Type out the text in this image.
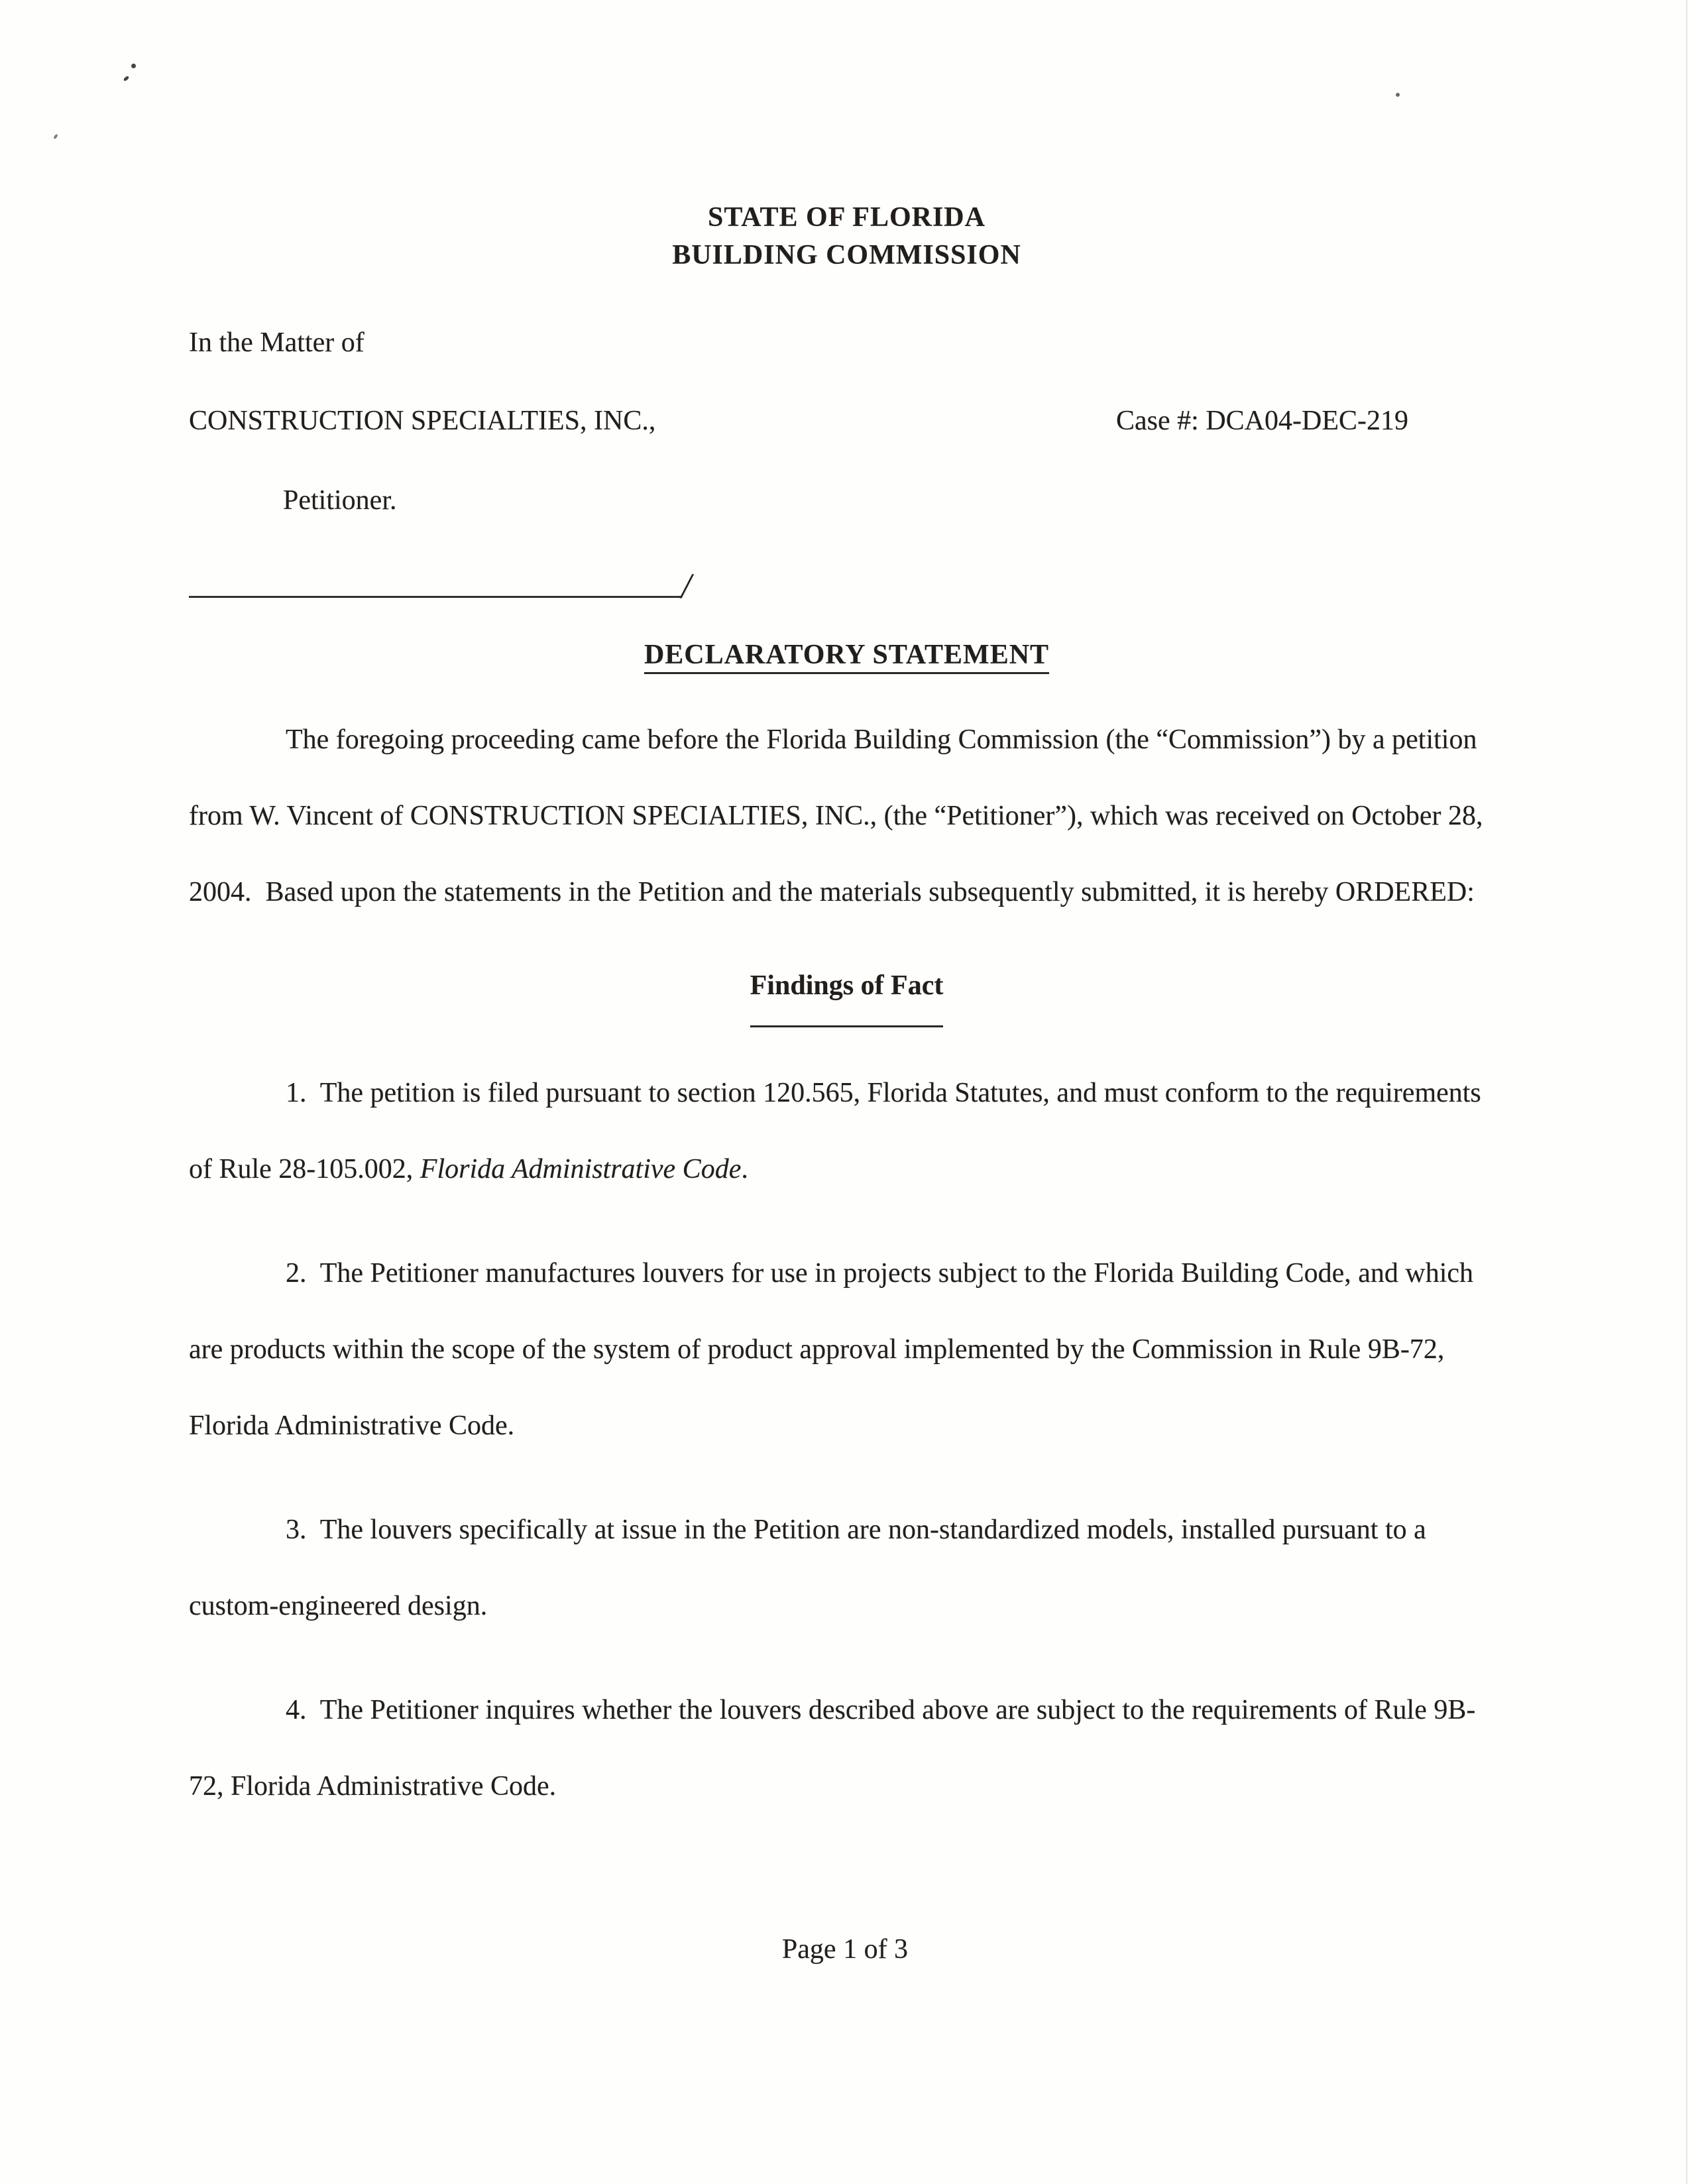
STATE OF FLORIDA
BUILDING COMMISSION
In the Matter of
CONSTRUCTION SPECIALTIES, INC.,	Case #: DCA04-DEC-219
Petitioner.
/
DECLARATORY STATEMENT

The foregoing proceeding came before the Florida Building Commission (the “Commission”) by a petition from W. Vincent of CONSTRUCTION SPECIALTIES, INC., (the “Petitioner”), which was received on October 28, 2004.  Based upon the statements in the Petition and the materials subsequently submitted, it is hereby ORDERED:

Findings of Fact

1.  The petition is filed pursuant to section 120.565, Florida Statutes, and must conform to the requirements of Rule 28-105.002, Florida Administrative Code.

2.  The Petitioner manufactures louvers for use in projects subject to the Florida Building Code, and which are products within the scope of the system of product approval implemented by the Commission in Rule 9B-72, Florida Administrative Code.

3.  The louvers specifically at issue in the Petition are non-standardized models, installed pursuant to a custom-engineered design.

4.  The Petitioner inquires whether the louvers described above are subject to the requirements of Rule 9B-72, Florida Administrative Code.

Page 1 of 3
